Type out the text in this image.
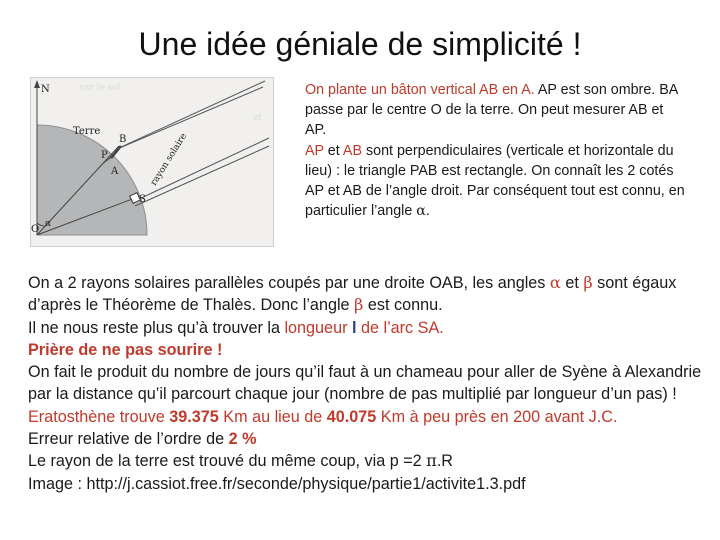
Une idée géniale de simplicité !
sur le sol
et
N
Terre
rayon solaire
B
P
A
S
O α

On plante un bâton vertical AB en A. AP est son ombre. BA passe par le centre O de la terre. On peut mesurer AB et AP.

AP et AB sont perpendiculaires (verticale et horizontale du lieu) : le triangle PAB est rectangle. On connaît les 2 cotés AP et AB de l’angle droit. Par conséquent tout est connu, en particulier l’angle α.

On a 2 rayons solaires parallèles coupés par une droite OAB, les angles α et β sont égaux d’après le Théorème de Thalès. Donc l’angle β est connu.

Il ne nous reste plus qu’à trouver la longueur l de l’arc SA.

Prière de ne pas sourire !

On fait le produit du nombre de jours qu’il faut à un chameau pour aller de Syène à Alexandrie par la distance qu’il parcourt chaque jour (nombre de pas multiplié par longueur d’un pas) !

Eratosthène trouve 39.375 Km au lieu de 40.075 Km à peu près en 200 avant J.C.

Erreur relative de l’ordre de 2 %

Le rayon de la terre est trouvé du même coup, via p =2 π.R

Image : http://j.cassiot.free.fr/seconde/physique/partie1/activite1.3.pdf
